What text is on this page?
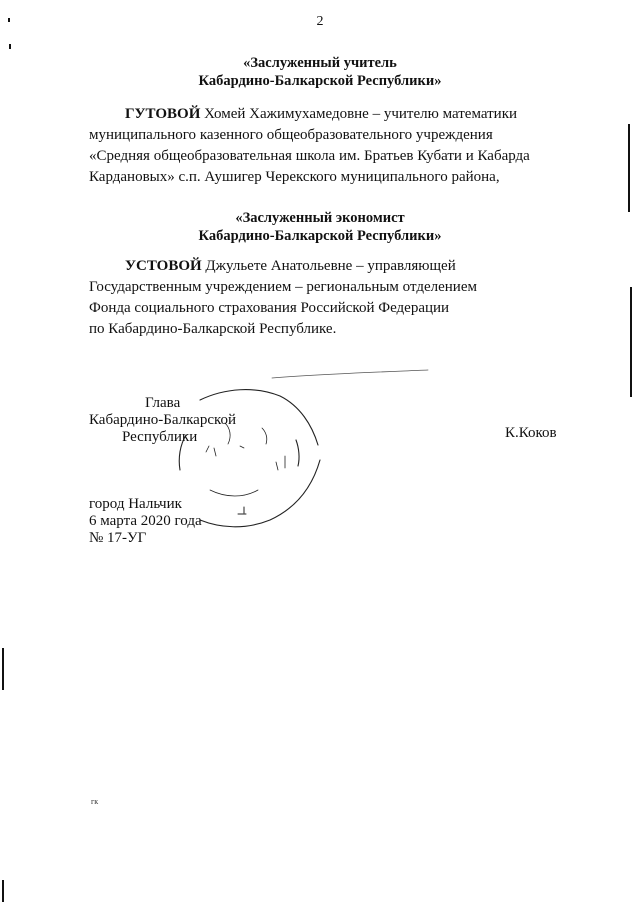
2
«Заслуженный учитель
Кабардино-Балкарской Республики»
ГУТОВОЙ Хомей Хажимухамедовне – учителю математики
муниципального казенного общеобразовательного учреждения
«Средняя общеобразовательная школа им. Братьев Кубати и Кабарда
Кардановых» с.п. Аушигер Черекского муниципального района,
«Заслуженный экономист
Кабардино-Балкарской Республики»
УСТОВОЙ Джульете Анатольевне – управляющей
Государственным учреждением – региональным отделением
Фонда социального страхования Российской Федерации
по Кабардино-Балкарской Республике.
Глава
Кабардино-Балкарской
Республики	К.Коков
город Нальчик
6 марта 2020 года
№ 17-УГ
гк
